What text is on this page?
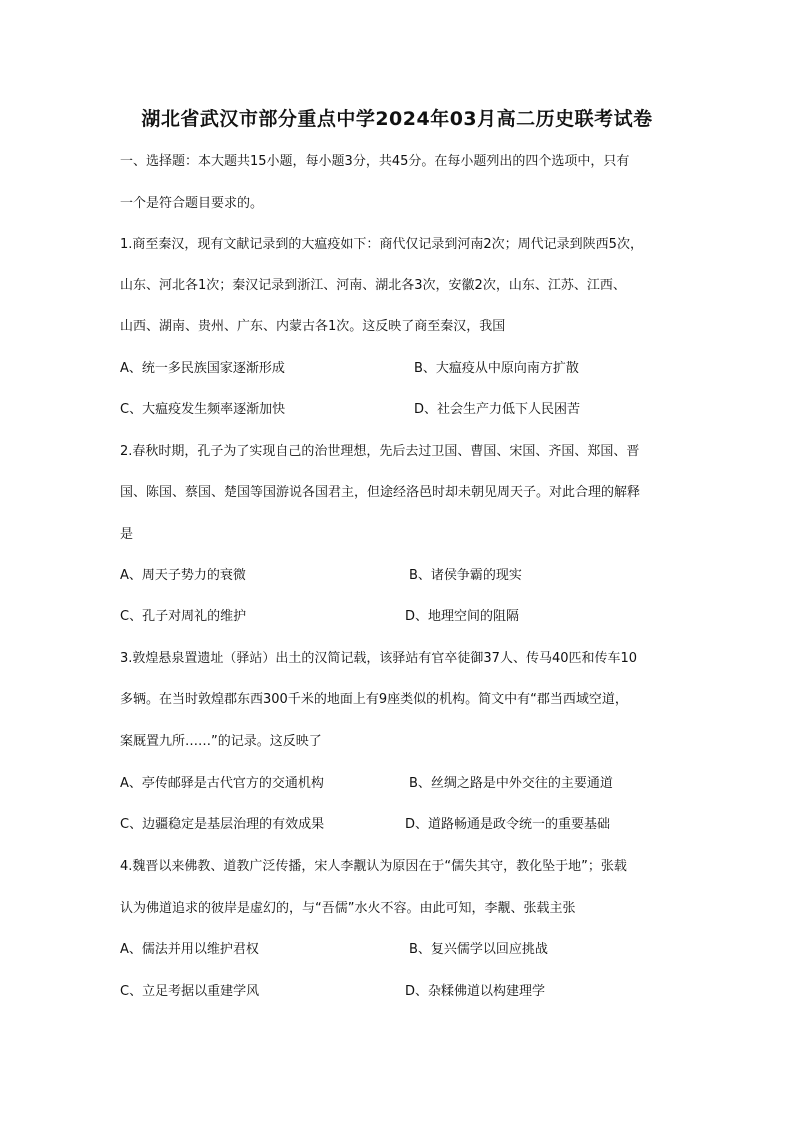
湖北省武汉市部分重点中学2024年03月高二历史联考试卷
一、选择题：本大题共15小题，每小题3分，共45分。在每小题列出的四个选项中，只有
一个是符合题目要求的。
1.商至秦汉，现有文献记录到的大瘟疫如下：商代仅记录到河南2次；周代记录到陕西5次，
山东、河北各1次；秦汉记录到浙江、河南、湖北各3次，安徽2次，山东、江苏、江西、
山西、湖南、贵州、广东、内蒙古各1次。这反映了商至秦汉，我国
A、统一多民族国家逐渐形成	B、大瘟疫从中原向南方扩散
C、大瘟疫发生频率逐渐加快	D、社会生产力低下人民困苦
2.春秋时期，孔子为了实现自己的治世理想，先后去过卫国、曹国、宋国、齐国、郑国、晋
国、陈国、蔡国、楚国等国游说各国君主，但途经洛邑时却未朝见周天子。对此合理的解释
是
A、周天子势力的衰微	B、诸侯争霸的现实
C、孔子对周礼的维护	D、地理空间的阻隔
3.敦煌悬泉置遗址（驿站）出土的汉简记载，该驿站有官卒徒御37人、传马40匹和传车10
多辆。在当时敦煌郡东西300千米的地面上有9座类似的机构。简文中有“郡当西域空道，
案厩置九所……”的记录。这反映了
A、亭传邮驿是古代官方的交通机构	B、丝绸之路是中外交往的主要通道
C、边疆稳定是基层治理的有效成果	D、道路畅通是政令统一的重要基础
4.魏晋以来佛教、道教广泛传播，宋人李觏认为原因在于“儒失其守，教化坠于地”；张载
认为佛道追求的彼岸是虚幻的，与“吾儒”水火不容。由此可知，李觏、张载主张
A、儒法并用以维护君权	B、复兴儒学以回应挑战
C、立足考据以重建学风	D、杂糅佛道以构建理学
